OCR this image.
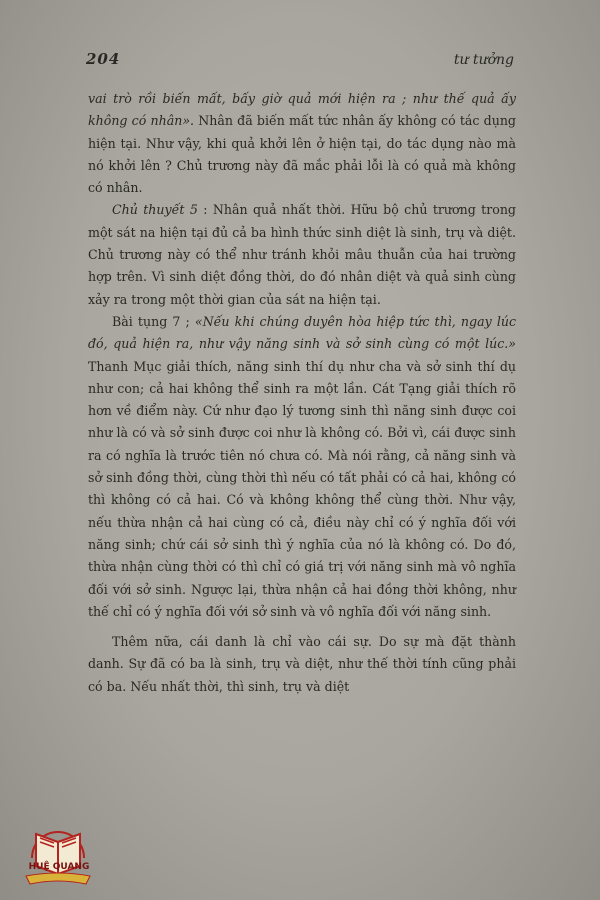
204	tư tưởng

vai trò rồi biến mất, bấy giờ quả mới hiện ra ; như thế quả ấy không có nhân». Nhân đã biến mất tức nhân ấy không có tác dụng hiện tại. Như vậy, khi quả khởi lên ở hiện tại, do tác dụng nào mà nó khởi lên ? Chủ trương này đã mắc phải lỗi là có quả mà không có nhân.

Chủ thuyết 5 : Nhân quả nhất thời. Hữu bộ chủ trương trong một sát na hiện tại đủ cả ba hình thức sinh diệt là sinh, trụ và diệt. Chủ trương này có thể như tránh khỏi mâu thuẫn của hai trường hợp trên. Vì sinh diệt đồng thời, do đó nhân diệt và quả sinh cùng xảy ra trong một thời gian của sát na hiện tại.

Bài tụng 7 ; «Nếu khi chúng duyên hòa hiệp tức thì, ngay lúc đó, quả hiện ra, như vậy năng sinh và sở sinh cùng có một lúc.» Thanh Mục giải thích, năng sinh thí dụ như cha và sở sinh thí dụ như con; cả hai không thể sinh ra một lần. Cát Tạng giải thích rõ hơn về điểm này. Cứ như đạo lý tương sinh thì năng sinh được coi như là có và sở sinh được coi như là không có. Bởi vì, cái được sinh ra có nghĩa là trước tiên nó chưa có. Mà nói rằng, cả năng sinh và sở sinh đồng thời, cùng thời thì nếu có tất phải có cả hai, không có thì không có cả hai. Có và không không thể cùng thời. Như vậy, nếu thừa nhận cả hai cùng có cả, điều này chỉ có ý nghĩa đối với năng sinh; chứ cái sở sinh thì ý nghĩa của nó là không có. Do đó, thừa nhận cùng thời có thì chỉ có giá trị với năng sinh mà vô nghĩa đối với sở sinh. Ngược lại, thừa nhận cả hai đồng thời không, như thế chỉ có ý nghĩa đối với sở sinh và vô nghĩa đối với năng sinh.

Thêm nữa, cái danh là chỉ vào cái sự. Do sự mà đặt thành danh. Sự đã có ba là sinh, trụ và diệt, như thế thời tính cũng phải có ba. Nếu nhất thời, thì sinh, trụ và diệt

HUỆ QUANG
